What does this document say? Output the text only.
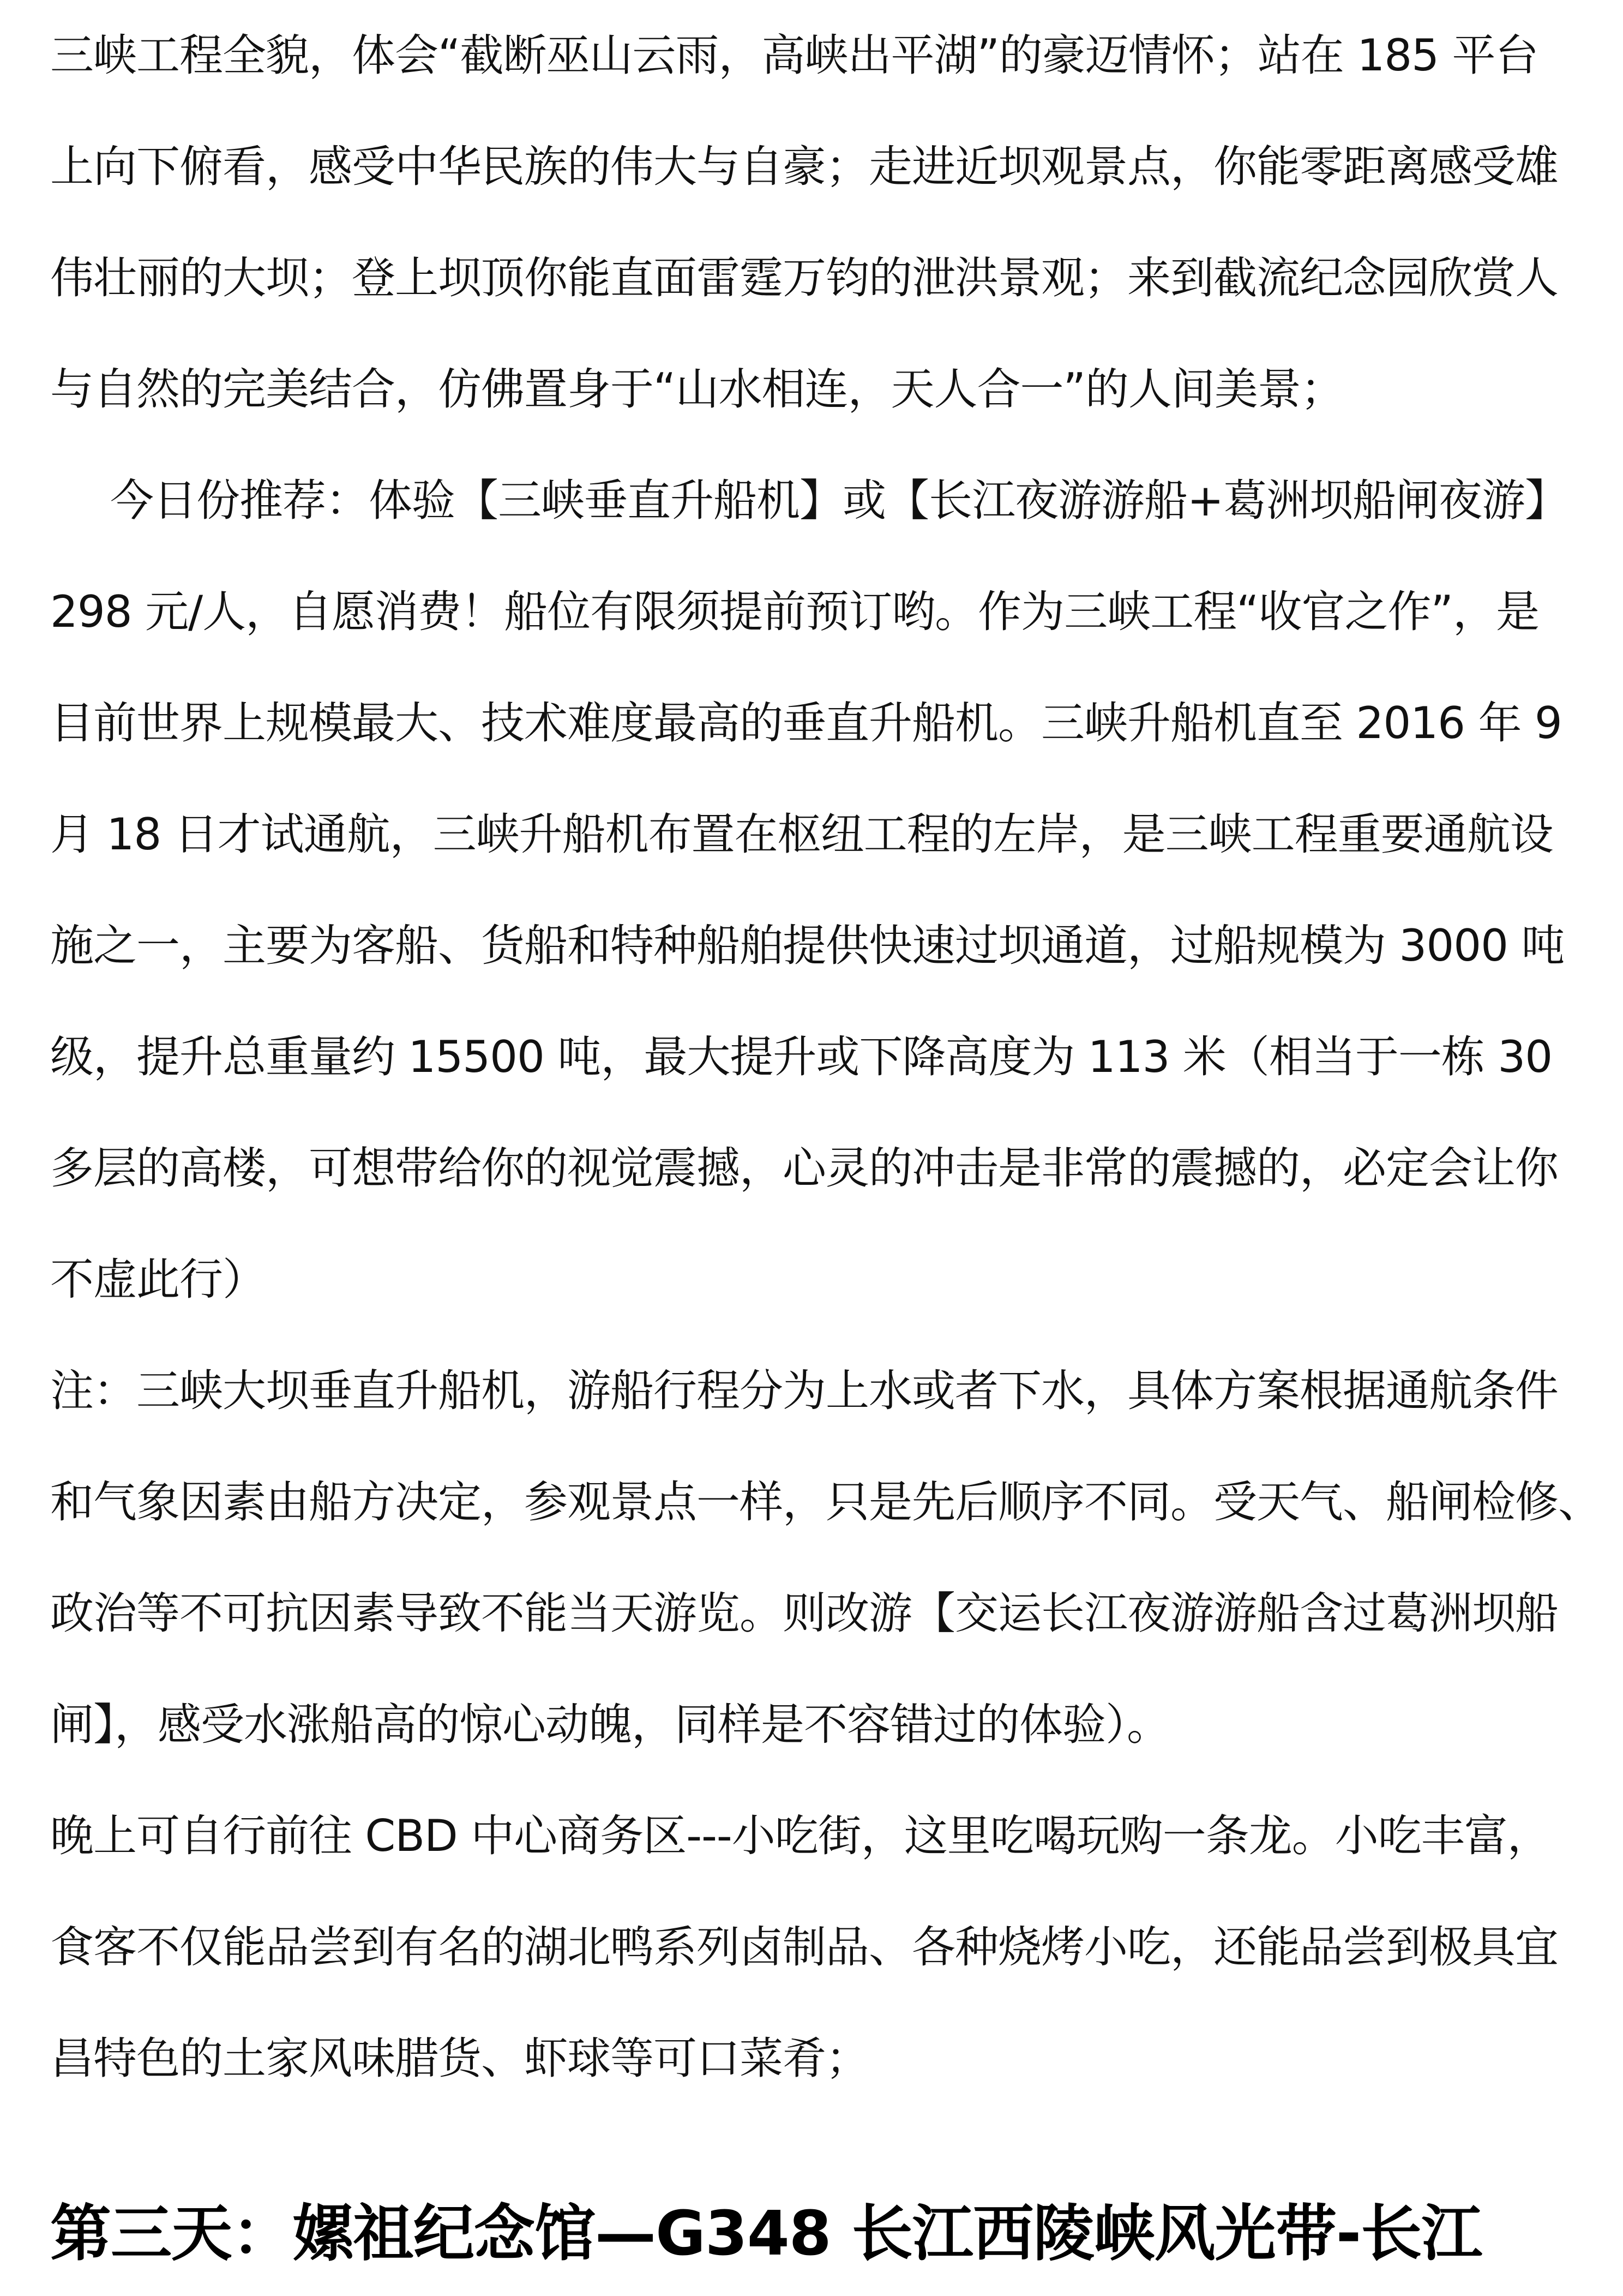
三峡工程全貌，体会“截断巫山云雨，高峡出平湖”的豪迈情怀；站在 185 平台
上向下俯看，感受中华民族的伟大与自豪；走进近坝观景点，你能零距离感受雄
伟壮丽的大坝；登上坝顶你能直面雷霆万钧的泄洪景观；来到截流纪念园欣赏人
与自然的完美结合，仿佛置身于“山水相连，天人合一”的人间美景；

今日份推荐：体验【三峡垂直升船机】或【长江夜游游船+葛洲坝船闸夜游】
298 元/人，自愿消费！船位有限须提前预订哟。作为三峡工程“收官之作”，是
目前世界上规模最大、技术难度最高的垂直升船机。三峡升船机直至 2016 年 9
月 18 日才试通航，三峡升船机布置在枢纽工程的左岸，是三峡工程重要通航设
施之一，主要为客船、货船和特种船舶提供快速过坝通道，过船规模为 3000 吨
级，提升总重量约 15500 吨，最大提升或下降高度为 113 米（相当于一栋 30
多层的高楼，可想带给你的视觉震撼，心灵的冲击是非常的震撼的，必定会让你
不虚此行）

注：三峡大坝垂直升船机，游船行程分为上水或者下水，具体方案根据通航条件
和气象因素由船方决定，参观景点一样，只是先后顺序不同。受天气、船闸检修、
政治等不可抗因素导致不能当天游览。则改游【交运长江夜游游船含过葛洲坝船
闸】，感受水涨船高的惊心动魄，同样是不容错过的体验）。

晚上可自行前往 CBD 中心商务区---小吃街，这里吃喝玩购一条龙。小吃丰富，
食客不仅能品尝到有名的湖北鸭系列卤制品、各种烧烤小吃，还能品尝到极具宜
昌特色的土家风味腊货、虾球等可口菜肴；

第三天：嫘祖纪念馆—G348 长江西陵峡风光带-长江
